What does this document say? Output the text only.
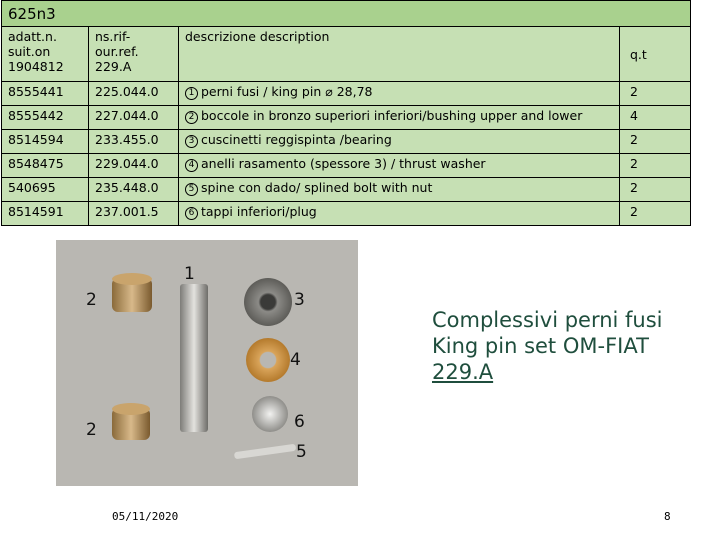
625n3			
adatt.n. suit.on 1904812	ns.rif- our.ref. 229.A	descrizione description	q.t
8555441	225.044.0	1 perni fusi / king pin ⌀ 28,78	2
8555442	227.044.0	2 boccole in bronzo superiori inferiori/bushing upper and lower	4
8514594	233.455.0	3 cuscinetti reggispinta /bearing	2
8548475	229.044.0	4 anelli rasamento (spessore 3) / thrust washer	2
540695	235.448.0	5 spine con dado/ splined bolt with nut	2
8514591	237.001.5	6 tappi inferiori/plug	2
1
2
2
3
4
6
5
Complessivi perni fusi
King pin set OM-FIAT
229.A
05/11/2020	8
